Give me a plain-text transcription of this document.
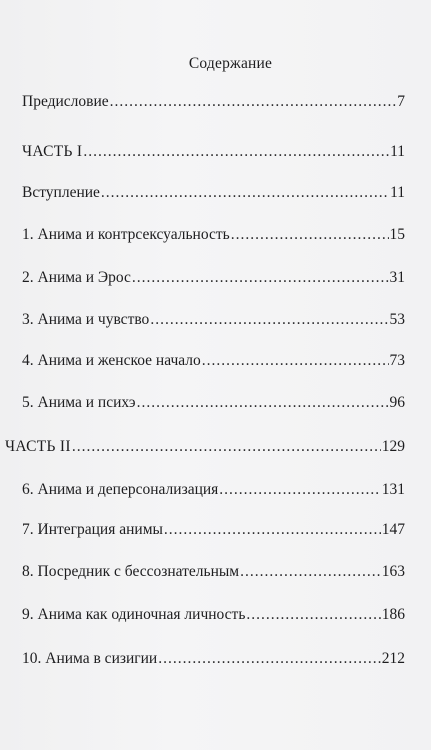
Содержание
Предисловие .....	7
ЧАСТЬ I .....	11
Вступление .....	11
1. Анима и контрсексуальность .....	15
2. Анима и Эрос .....	31
3. Анима и чувство .....	53
4. Анима и женское начало .....	73
5. Анима и психэ .....	96
ЧАСТЬ II .....	129
6. Анима и деперсонализация .....	131
7. Интеграция анимы .....	147
8. Посредник с бессознательным .....	163
9. Анима как одиночная личность .....	186
10. Анима в сизигии .....	212
